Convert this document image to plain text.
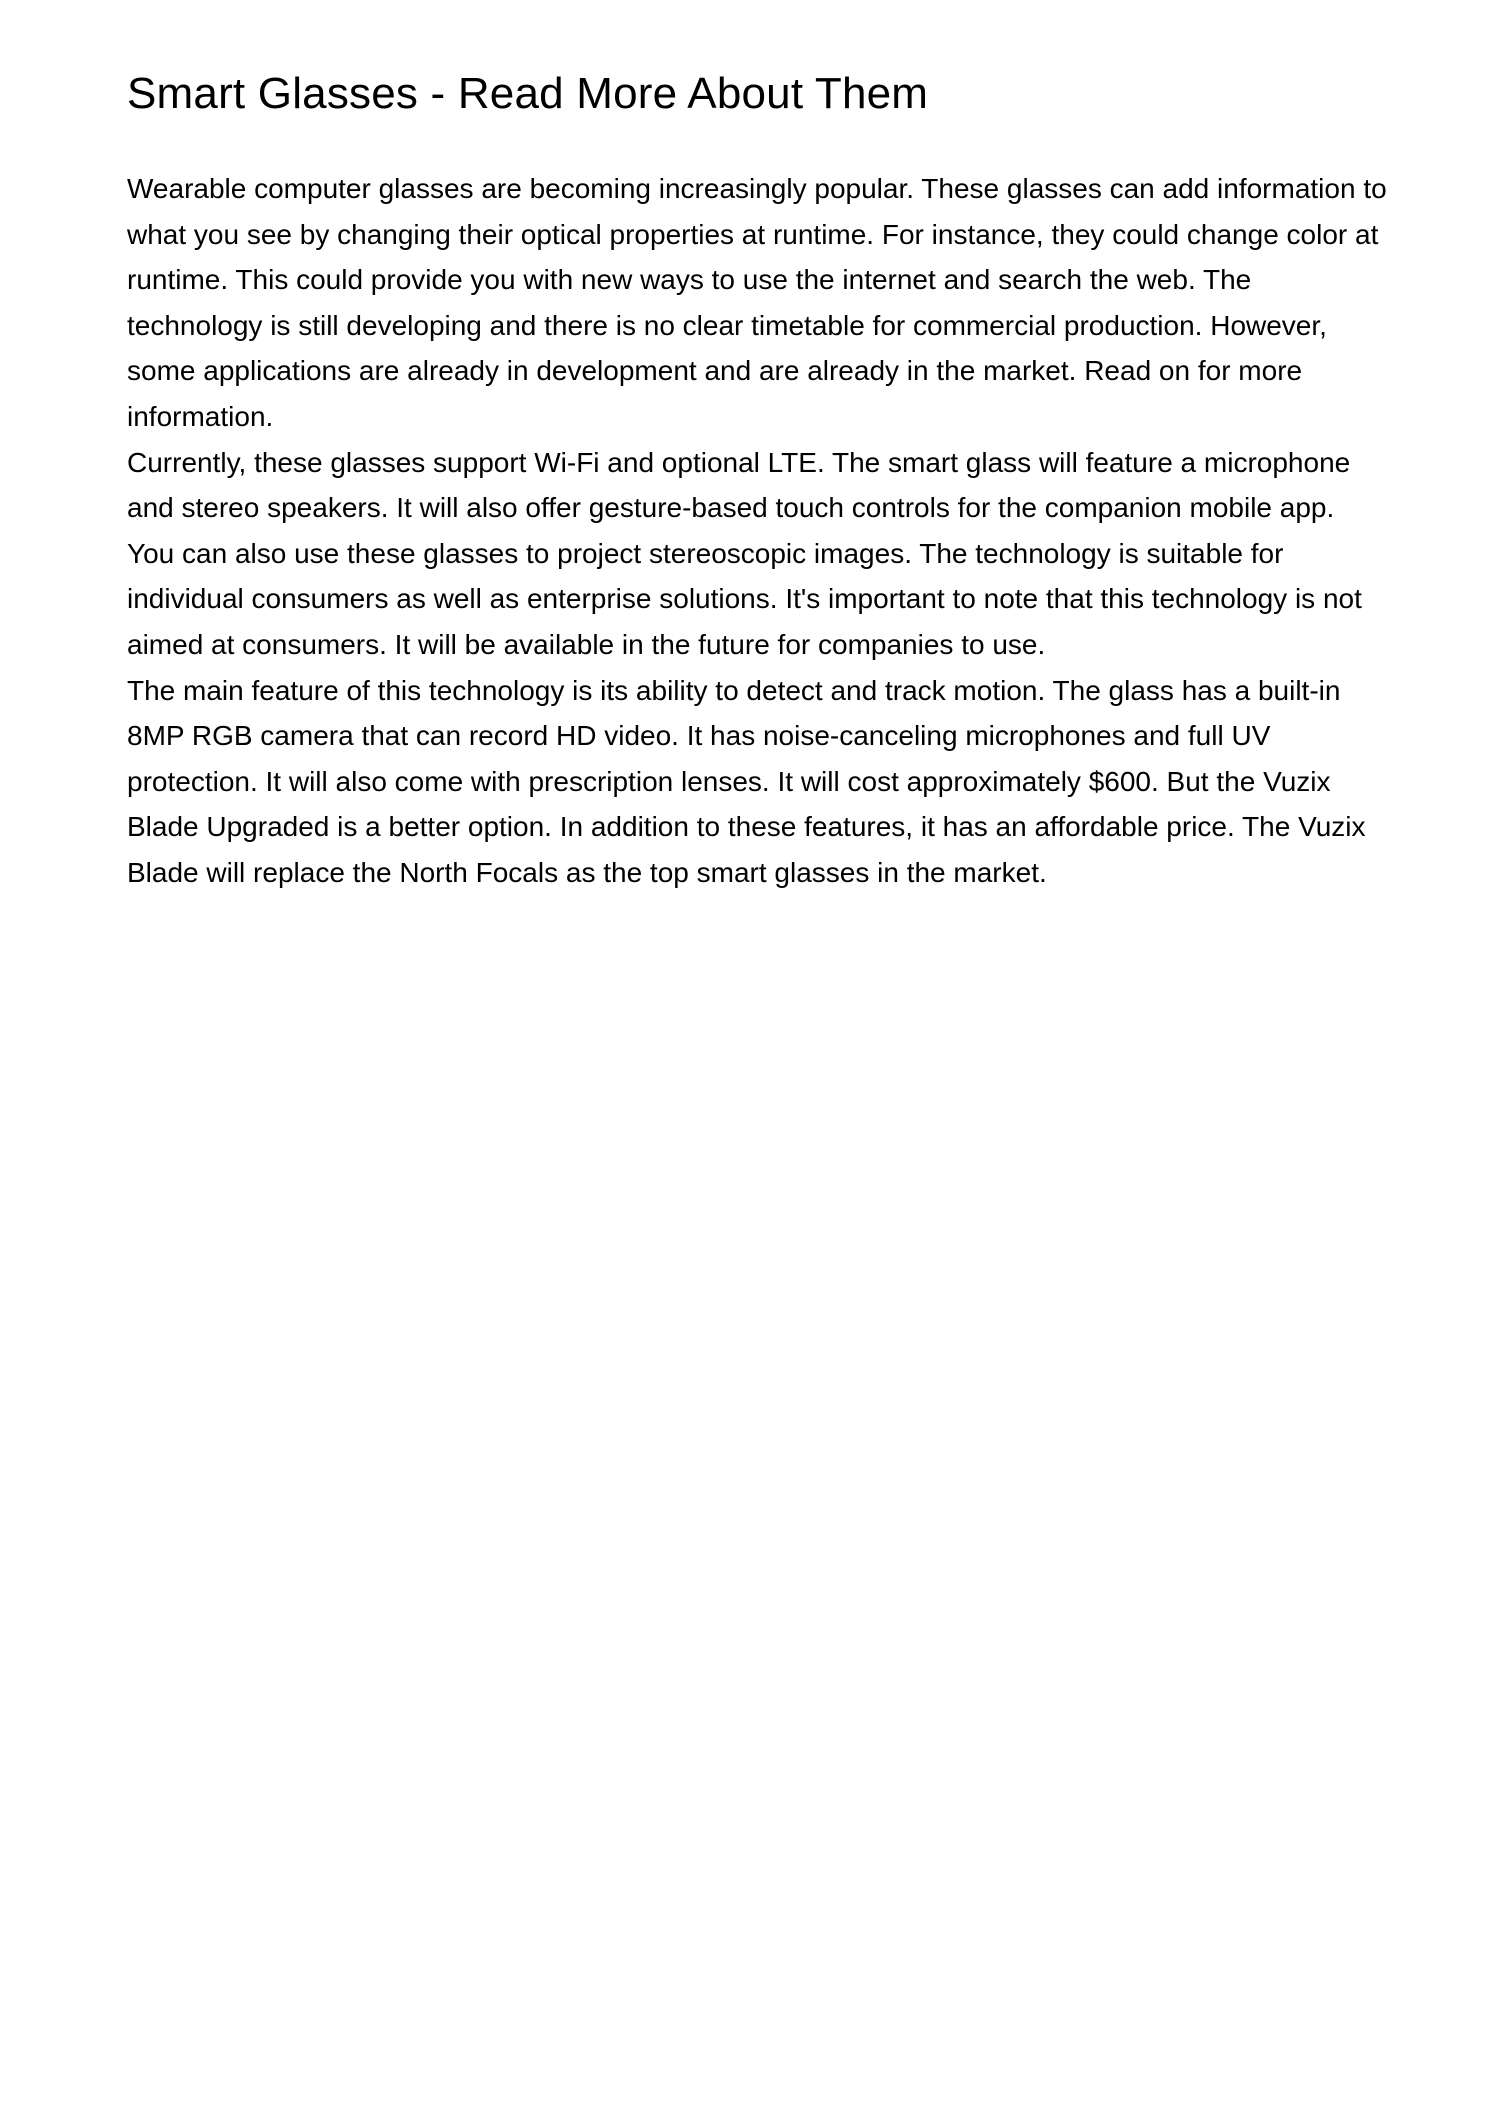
Smart Glasses - Read More About Them

Wearable computer glasses are becoming increasingly popular. These glasses can add information to what you see by changing their optical properties at runtime. For instance, they could change color at runtime. This could provide you with new ways to use the internet and search the web. The technology is still developing and there is no clear timetable for commercial production. However, some applications are already in development and are already in the market. Read on for more information.

Currently, these glasses support Wi-Fi and optional LTE. The smart glass will feature a microphone and stereo speakers. It will also offer gesture-based touch controls for the companion mobile app. You can also use these glasses to project stereoscopic images. The technology is suitable for individual consumers as well as enterprise solutions. It's important to note that this technology is not aimed at consumers. It will be available in the future for companies to use.

The main feature of this technology is its ability to detect and track motion. The glass has a built-in 8MP RGB camera that can record HD video. It has noise-canceling microphones and full UV protection. It will also come with prescription lenses. It will cost approximately $600. But the Vuzix Blade Upgraded is a better option. In addition to these features, it has an affordable price. The Vuzix Blade will replace the North Focals as the top smart glasses in the market.
